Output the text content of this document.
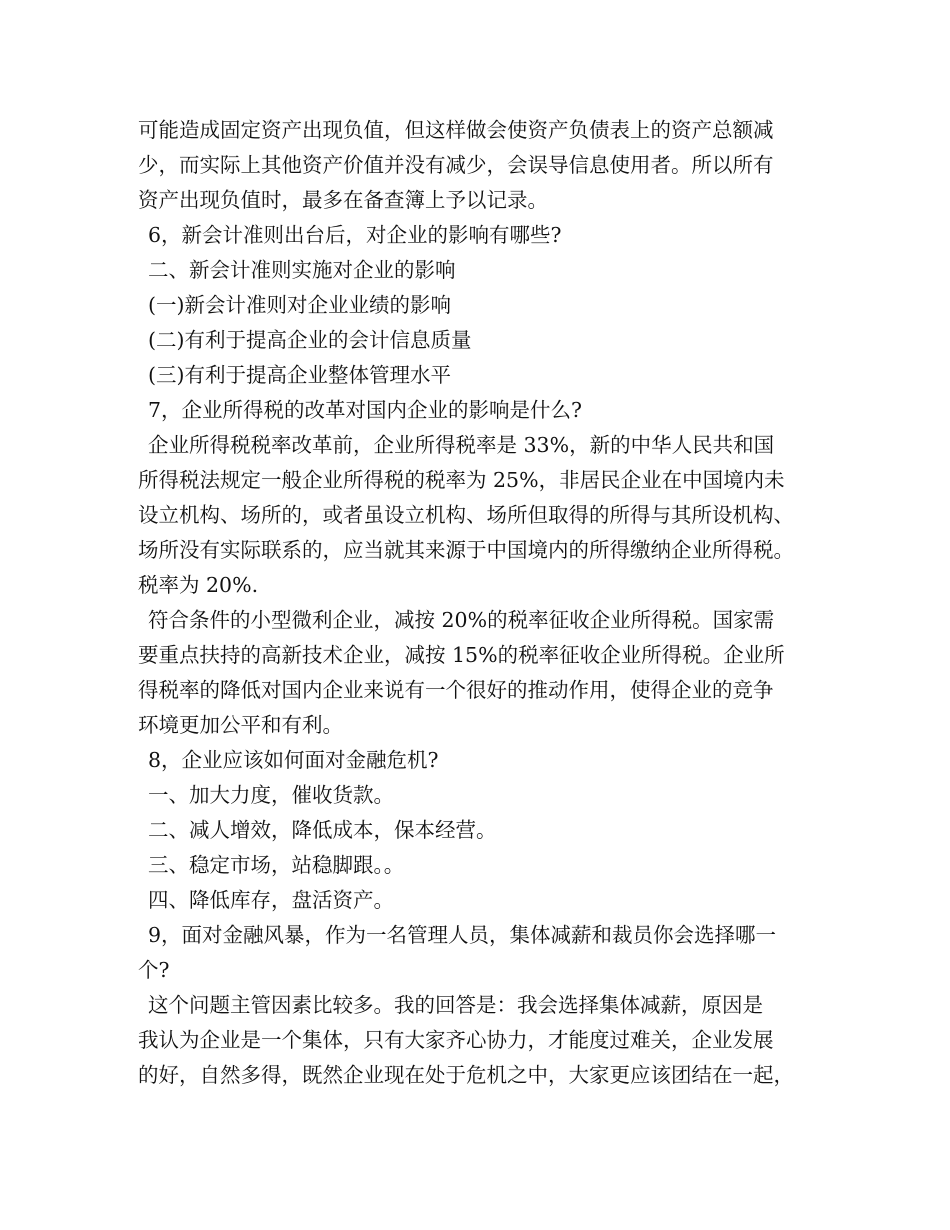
可能造成固定资产出现负值，但这样做会使资产负债表上的资产总额减
少，而实际上其他资产价值并没有减少，会误导信息使用者。所以所有
资产出现负值时，最多在备查簿上予以记录。
6，新会计准则出台后，对企业的影响有哪些?
二、新会计准则实施对企业的影响
(一)新会计准则对企业业绩的影响
(二)有利于提高企业的会计信息质量
(三)有利于提高企业整体管理水平
7，企业所得税的改革对国内企业的影响是什么?
企业所得税税率改革前，企业所得税率是 33%，新的中华人民共和国
所得税法规定一般企业所得税的税率为 25%，非居民企业在中国境内未
设立机构、场所的，或者虽设立机构、场所但取得的所得与其所设机构、
场所没有实际联系的，应当就其来源于中国境内的所得缴纳企业所得税。
税率为 20%.
符合条件的小型微利企业，减按 20%的税率征收企业所得税。国家需
要重点扶持的高新技术企业，减按 15%的税率征收企业所得税。企业所
得税率的降低对国内企业来说有一个很好的推动作用，使得企业的竞争
环境更加公平和有利。
8，企业应该如何面对金融危机?
一、加大力度，催收货款。
二、减人增效，降低成本，保本经营。
三、稳定市场，站稳脚跟。。
四、降低库存，盘活资产。
9，面对金融风暴，作为一名管理人员，集体减薪和裁员你会选择哪一
个?
这个问题主管因素比较多。我的回答是：我会选择集体减薪，原因是
我认为企业是一个集体，只有大家齐心协力，才能度过难关，企业发展
的好，自然多得，既然企业现在处于危机之中，大家更应该团结在一起，
